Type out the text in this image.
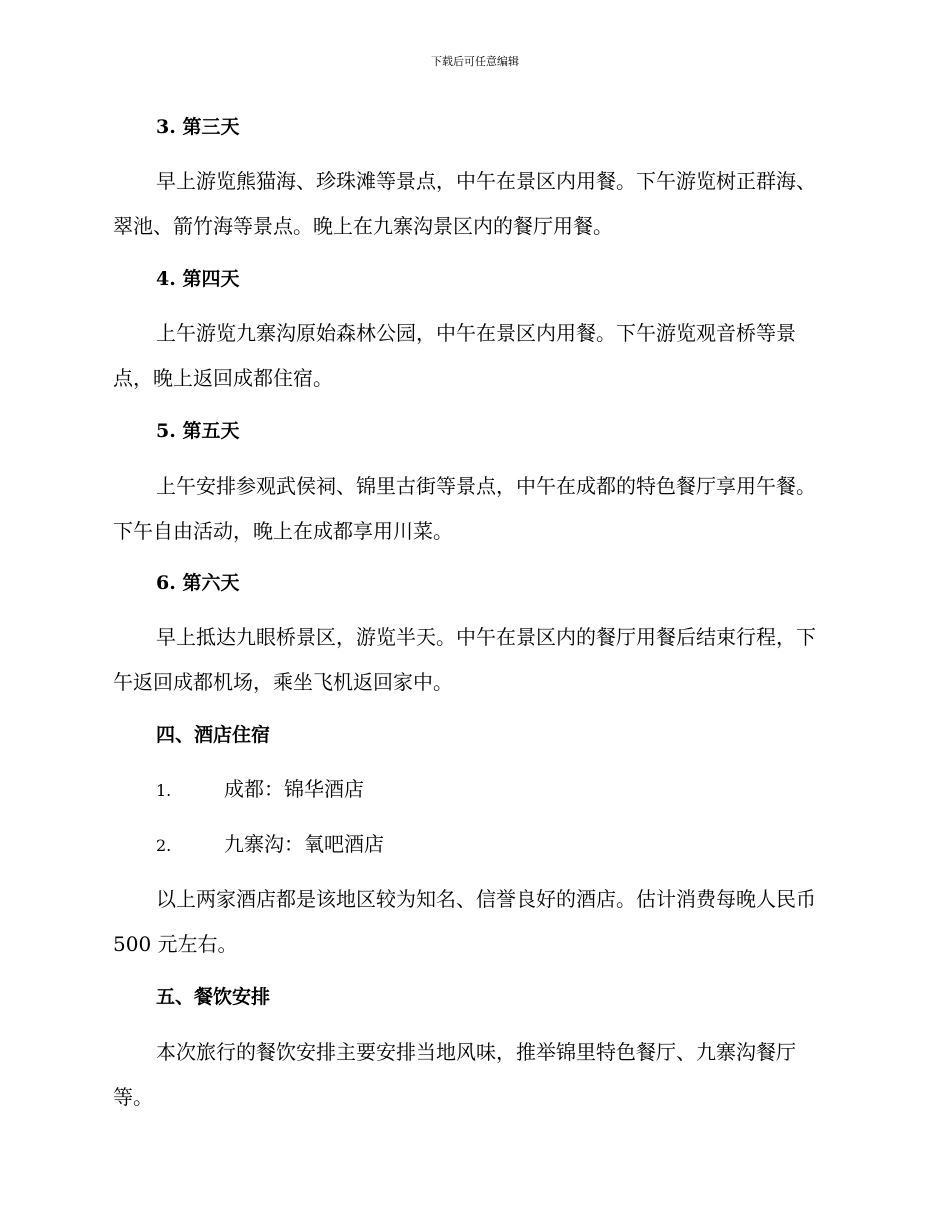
下载后可任意编辑
3. 第三天

早上游览熊猫海、珍珠滩等景点，中午在景区内用餐。下午游览树正群海、翠池、箭竹海等景点。晚上在九寨沟景区内的餐厅用餐。

4. 第四天

上午游览九寨沟原始森林公园，中午在景区内用餐。下午游览观音桥等景点，晚上返回成都住宿。

5. 第五天

上午安排参观武侯祠、锦里古街等景点，中午在成都的特色餐厅享用午餐。下午自由活动，晚上在成都享用川菜。

6. 第六天

早上抵达九眼桥景区，游览半天。中午在景区内的餐厅用餐后结束行程，下午返回成都机场，乘坐飞机返回家中。

四、酒店住宿
1.	成都：锦华酒店
2.	九寨沟：氧吧酒店

以上两家酒店都是该地区较为知名、信誉良好的酒店。估计消费每晚人民币 500 元左右。

五、餐饮安排

本次旅行的餐饮安排主要安排当地风味，推举锦里特色餐厅、九寨沟餐厅等。
